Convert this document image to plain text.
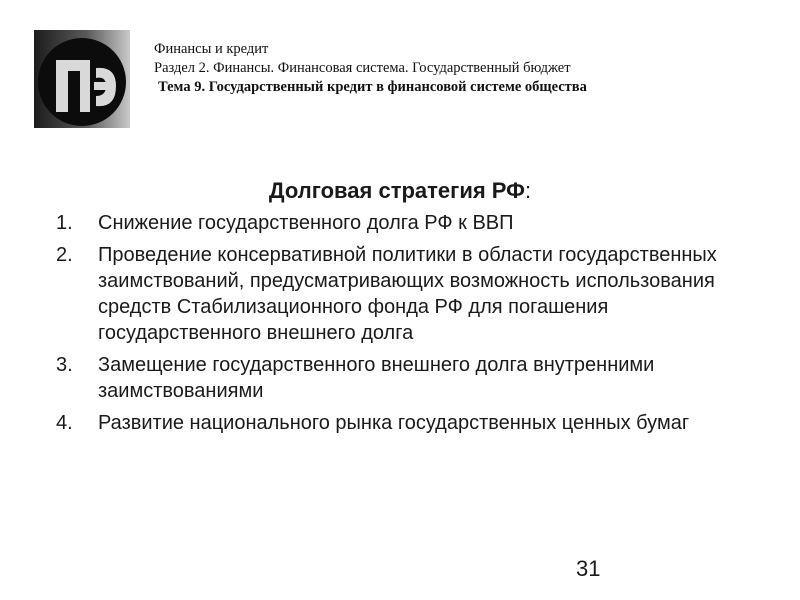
Финансы и кредит
Раздел 2. Финансы. Финансовая система. Государственный бюджет
Тема 9. Государственный кредит в финансовой системе общества
Долговая стратегия РФ:
1. Снижение государственного долга РФ к ВВП
2. Проведение консервативной политики в области государственных заимствований, предусматривающих возможность использования средств Стабилизационного фонда РФ для погашения государственного внешнего долга
3. Замещение государственного внешнего долга внутренними заимствованиями
4. Развитие национального рынка государственных ценных бумаг
31
